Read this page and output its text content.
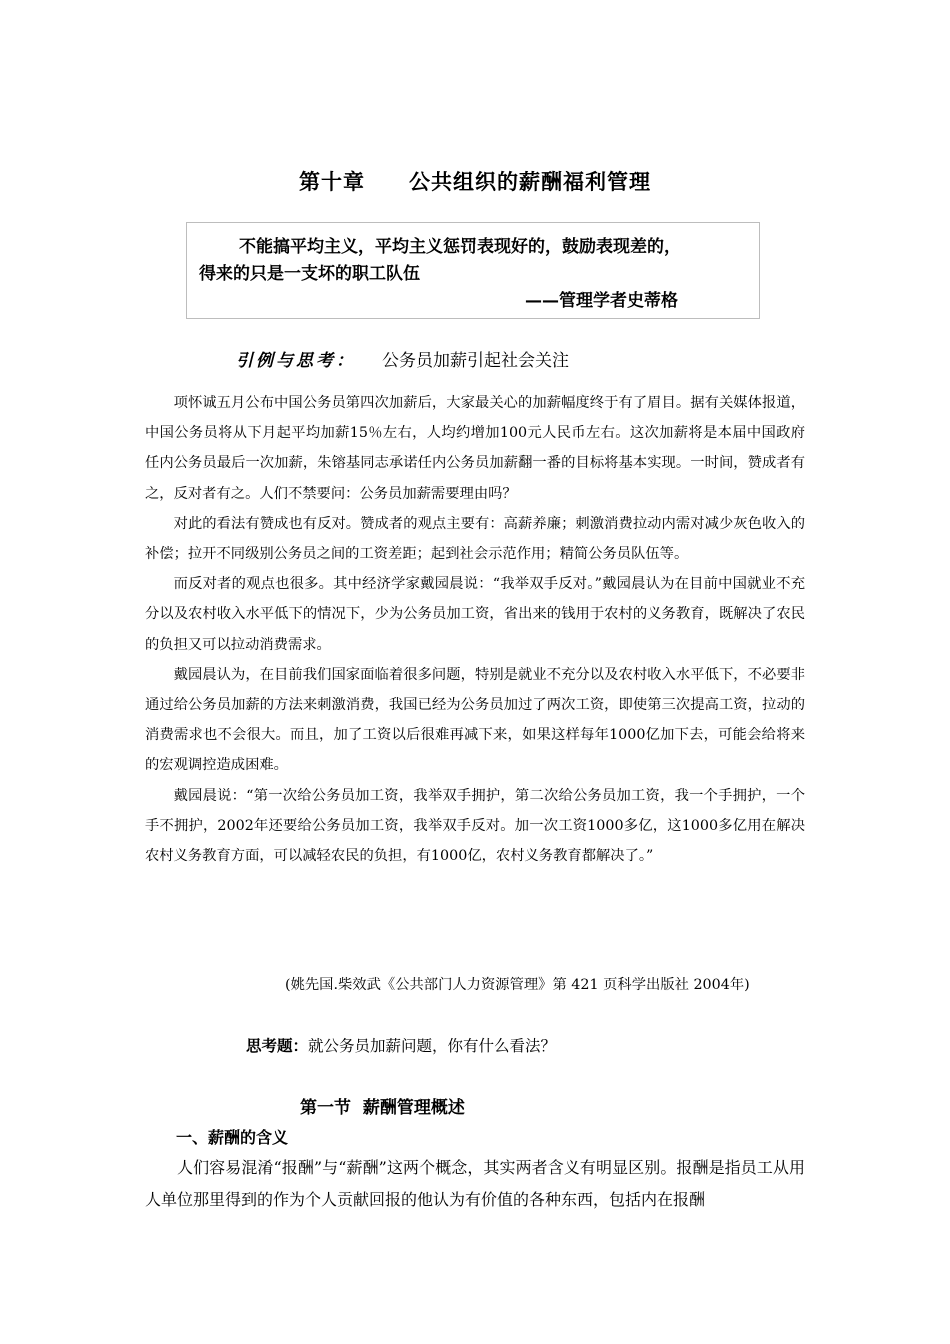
第十章 公共组织的薪酬福利管理
不能搞平均主义，平均主义惩罚表现好的，鼓励表现差的，
得来的只是一支坏的职工队伍
——管理学者史蒂格
引例与思考： 公务员加薪引起社会关注

项怀诚五月公布中国公务员第四次加薪后，大家最关心的加薪幅度终于有了眉目。据有关媒体报道，中国公务员将从下月起平均加薪15％左右，人均约增加100元人民币左右。这次加薪将是本届中国政府任内公务员最后一次加薪，朱镕基同志承诺任内公务员加薪翻一番的目标将基本实现。一时间，赞成者有之，反对者有之。人们不禁要问：公务员加薪需要理由吗？

对此的看法有赞成也有反对。赞成者的观点主要有：高薪养廉；刺激消费拉动内需对减少灰色收入的补偿；拉开不同级别公务员之间的工资差距；起到社会示范作用；精简公务员队伍等。

而反对者的观点也很多。其中经济学家戴园晨说：“我举双手反对。”戴园晨认为在目前中国就业不充分以及农村收入水平低下的情况下，少为公务员加工资，省出来的钱用于农村的义务教育，既解决了农民的负担又可以拉动消费需求。

戴园晨认为，在目前我们国家面临着很多问题，特别是就业不充分以及农村收入水平低下，不必要非通过给公务员加薪的方法来刺激消费，我国已经为公务员加过了两次工资，即使第三次提高工资，拉动的消费需求也不会很大。而且，加了工资以后很难再减下来，如果这样每年1000亿加下去，可能会给将来的宏观调控造成困难。

戴园晨说：“第一次给公务员加工资，我举双手拥护，第二次给公务员加工资，我一个手拥护，一个手不拥护，2002年还要给公务员加工资，我举双手反对。加一次工资1000多亿，这1000多亿用在解决农村义务教育方面，可以减轻农民的负担，有1000亿，农村义务教育都解决了。”

(姚先国.柴效武《公共部门人力资源管理》第 421 页科学出版社 2004年)
思考题：就公务员加薪问题，你有什么看法？
第一节  薪酬管理概述
一、薪酬的含义

人们容易混淆“报酬”与“薪酬”这两个概念，其实两者含义有明显区别。报酬是指员工从用人单位那里得到的作为个人贡献回报的他认为有价值的各种东西，包括内在报酬
